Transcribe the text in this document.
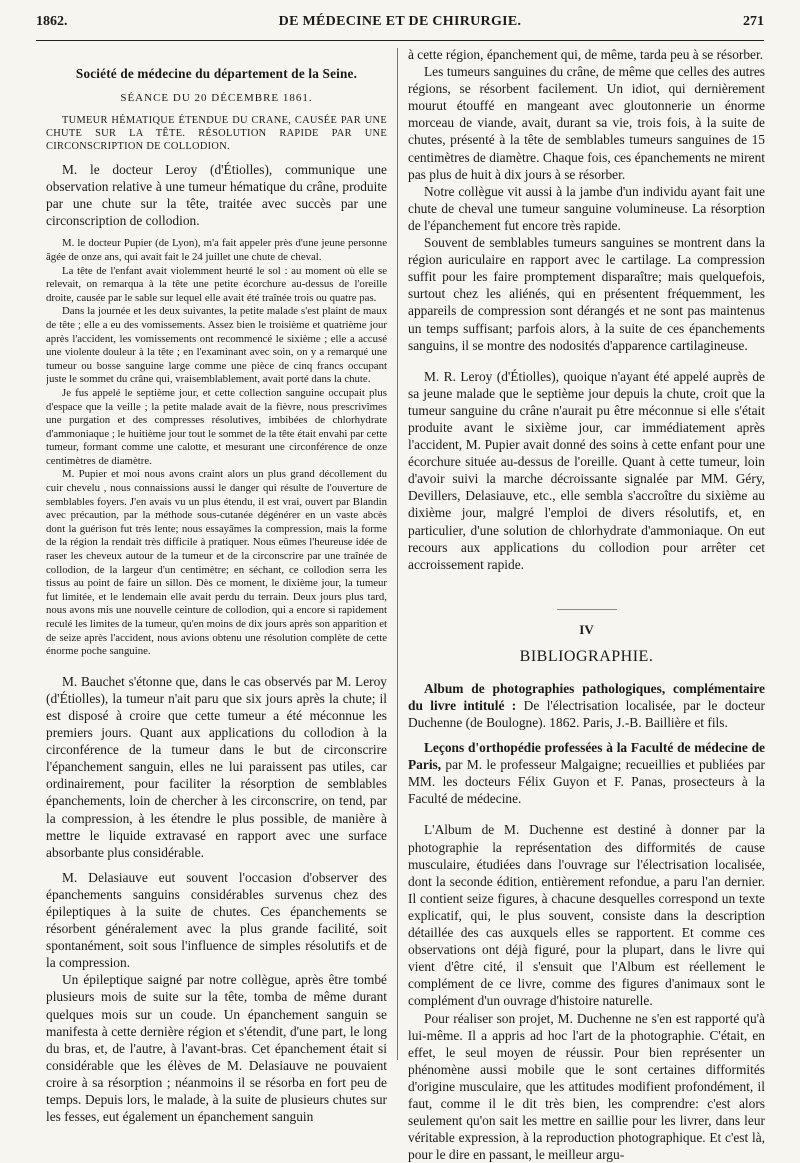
1862.	DE MÉDECINE ET DE CHIRURGIE.	271

Société de médecine du département de la Seine.

SÉANCE DU 20 DÉCEMBRE 1861.

TUMEUR HÉMATIQUE ÉTENDUE DU CRANE, CAUSÉE PAR UNE CHUTE SUR LA TÊTE. RÉSOLUTION RAPIDE PAR UNE CIRCONSCRIPTION DE COLLODION.

M. le docteur Leroy (d'Étiolles), communique une observation relative à une tumeur hématique du crâne, produite par une chute sur la tête, traitée avec succès par une circonscription de collodion.

M. le docteur Pupier (de Lyon), m'a fait appeler près d'une jeune personne âgée de onze ans, qui avait fait le 24 juillet une chute de cheval.

La tête de l'enfant avait violemment heurté le sol : au moment où elle se relevait, on remarqua à la tête une petite écorchure au-dessus de l'oreille droite, causée par le sable sur lequel elle avait été traînée trois ou quatre pas.

Dans la journée et les deux suivantes, la petite malade s'est plaint de maux de tête ; elle a eu des vomissements. Assez bien le troisième et quatrième jour après l'accident, les vomissements ont recommencé le sixième ; elle a accusé une violente douleur à la tête ; en l'examinant avec soin, on y a remarqué une tumeur ou bosse sanguine large comme une pièce de cinq francs occupant juste le sommet du crâne qui, vraisemblablement, avait porté dans la chute.

Je fus appelé le septième jour, et cette collection sanguine occupait plus d'espace que la veille ; la petite malade avait de la fièvre, nous prescrivîmes une purgation et des compresses résolutives, imbibées de chlorhydrate d'ammoniaque ; le huitième jour tout le sommet de la tête était envahi par cette tumeur, formant comme une calotte, et mesurant une circonférence de onze centimètres de diamètre.

M. Pupier et moi nous avons craint alors un plus grand décollement du cuir chevelu , nous connaissions aussi le danger qui résulte de l'ouverture de semblables foyers. J'en avais vu un plus étendu, il est vrai, ouvert par Blandin avec précaution, par la méthode sous-cutanée dégénérer en un vaste abcès dont la guérison fut très lente; nous essayâmes la compression, mais la forme de la région la rendait très difficile à pratiquer. Nous eûmes l'heureuse idée de raser les cheveux autour de la tumeur et de la circonscrire par une traînée de collodion, de la largeur d'un centimètre; en séchant, ce collodion serra les tissus au point de faire un sillon. Dès ce moment, le dixième jour, la tumeur fut limitée, et le lendemain elle avait perdu du terrain. Deux jours plus tard, nous avons mis une nouvelle ceinture de collodion, qui a encore si rapidement reculé les limites de la tumeur, qu'en moins de dix jours après son apparition et de seize après l'accident, nous avions obtenu une résolution complète de cette énorme poche sanguine.

M. Bauchet s'étonne que, dans le cas observés par M. Leroy (d'Étiolles), la tumeur n'ait paru que six jours après la chute; il est disposé à croire que cette tumeur a été méconnue les premiers jours. Quant aux applications du collodion à la circonférence de la tumeur dans le but de circonscrire l'épanchement sanguin, elles ne lui paraissent pas utiles, car ordinairement, pour faciliter la résorption de semblables épanchements, loin de chercher à les circonscrire, on tend, par la compression, à les étendre le plus possible, de manière à mettre le liquide extravasé en rapport avec une surface absorbante plus considérable.

M. Delasiauve eut souvent l'occasion d'observer des épanchements sanguins considérables survenus chez des épileptiques à la suite de chutes. Ces épanchements se résorbent généralement avec la plus grande facilité, soit spontanément, soit sous l'influence de simples résolutifs et de la compression.

Un épileptique saigné par notre collègue, après être tombé plusieurs mois de suite sur la tête, tomba de même durant quelques mois sur un coude. Un épanchement sanguin se manifesta à cette dernière région et s'étendit, d'une part, le long du bras, et, de l'autre, à l'avant-bras. Cet épanchement était si considérable que les élèves de M. Delasiauve ne pouvaient croire à sa résorption ; néanmoins il se résorba en fort peu de temps. Depuis lors, le malade, à la suite de plusieurs chutes sur les fesses, eut également un épanchement sanguin

à cette région, épanchement qui, de même, tarda peu à se résorber.

Les tumeurs sanguines du crâne, de même que celles des autres régions, se résorbent facilement. Un idiot, qui dernièrement mourut étouffé en mangeant avec gloutonnerie un énorme morceau de viande, avait, durant sa vie, trois fois, à la suite de chutes, présenté à la tête de semblables tumeurs sanguines de 15 centimètres de diamètre. Chaque fois, ces épanchements ne mirent pas plus de huit à dix jours à se résorber.

Notre collègue vit aussi à la jambe d'un individu ayant fait une chute de cheval une tumeur sanguine volumineuse. La résorption de l'épanchement fut encore très rapide.

Souvent de semblables tumeurs sanguines se montrent dans la région auriculaire en rapport avec le cartilage. La compression suffit pour les faire promptement disparaître; mais quelquefois, surtout chez les aliénés, qui en présentent fréquemment, les appareils de compression sont dérangés et ne sont pas maintenus un temps suffisant; parfois alors, à la suite de ces épanchements sanguins, il se montre des nodosités d'apparence cartilagineuse.

M. R. Leroy (d'Étiolles), quoique n'ayant été appelé auprès de sa jeune malade que le septième jour depuis la chute, croit que la tumeur sanguine du crâne n'aurait pu être méconnue si elle s'était produite avant le sixième jour, car immédiatement après l'accident, M. Pupier avait donné des soins à cette enfant pour une écorchure située au-dessus de l'oreille. Quant à cette tumeur, loin d'avoir suivi la marche décroissante signalée par MM. Géry, Devillers, Delasiauve, etc., elle sembla s'accroître du sixième au dixième jour, malgré l'emploi de divers résolutifs, et, en particulier, d'une solution de chlorhydrate d'ammoniaque. On eut recours aux applications du collodion pour arrêter cet accroissement rapide.

IV

BIBLIOGRAPHIE.

Album de photographies pathologiques, complémentaire du livre intitulé : De l'électrisation localisée, par le docteur Duchenne (de Boulogne). 1862. Paris, J.-B. Baillière et fils.

Leçons d'orthopédie professées à la Faculté de médecine de Paris, par M. le professeur Malgaigne; recueillies et publiées par MM. les docteurs Félix Guyon et F. Panas, prosecteurs à la Faculté de médecine.

L'Album de M. Duchenne est destiné à donner par la photographie la représentation des difformités de cause musculaire, étudiées dans l'ouvrage sur l'électrisation localisée, dont la seconde édition, entièrement refondue, a paru l'an dernier. Il contient seize figures, à chacune desquelles correspond un texte explicatif, qui, le plus souvent, consiste dans la description détaillée des cas auxquels elles se rapportent. Et comme ces observations ont déjà figuré, pour la plupart, dans le livre qui vient d'être cité, il s'ensuit que l'Album est réellement le complément de ce livre, comme des figures d'animaux sont le complément d'un ouvrage d'histoire naturelle.

Pour réaliser son projet, M. Duchenne ne s'en est rapporté qu'à lui-même. Il a appris ad hoc l'art de la photographie. C'était, en effet, le seul moyen de réussir. Pour bien représenter un phénomène aussi mobile que le sont certaines difformités d'origine musculaire, que les attitudes modifient profondément, il faut, comme il le dit très bien, les comprendre: c'est alors seulement qu'on sait les mettre en saillie pour les livrer, dans leur véritable expression, à la reproduction photographique. Et c'est là, pour le dire en passant, le meilleur argu-
